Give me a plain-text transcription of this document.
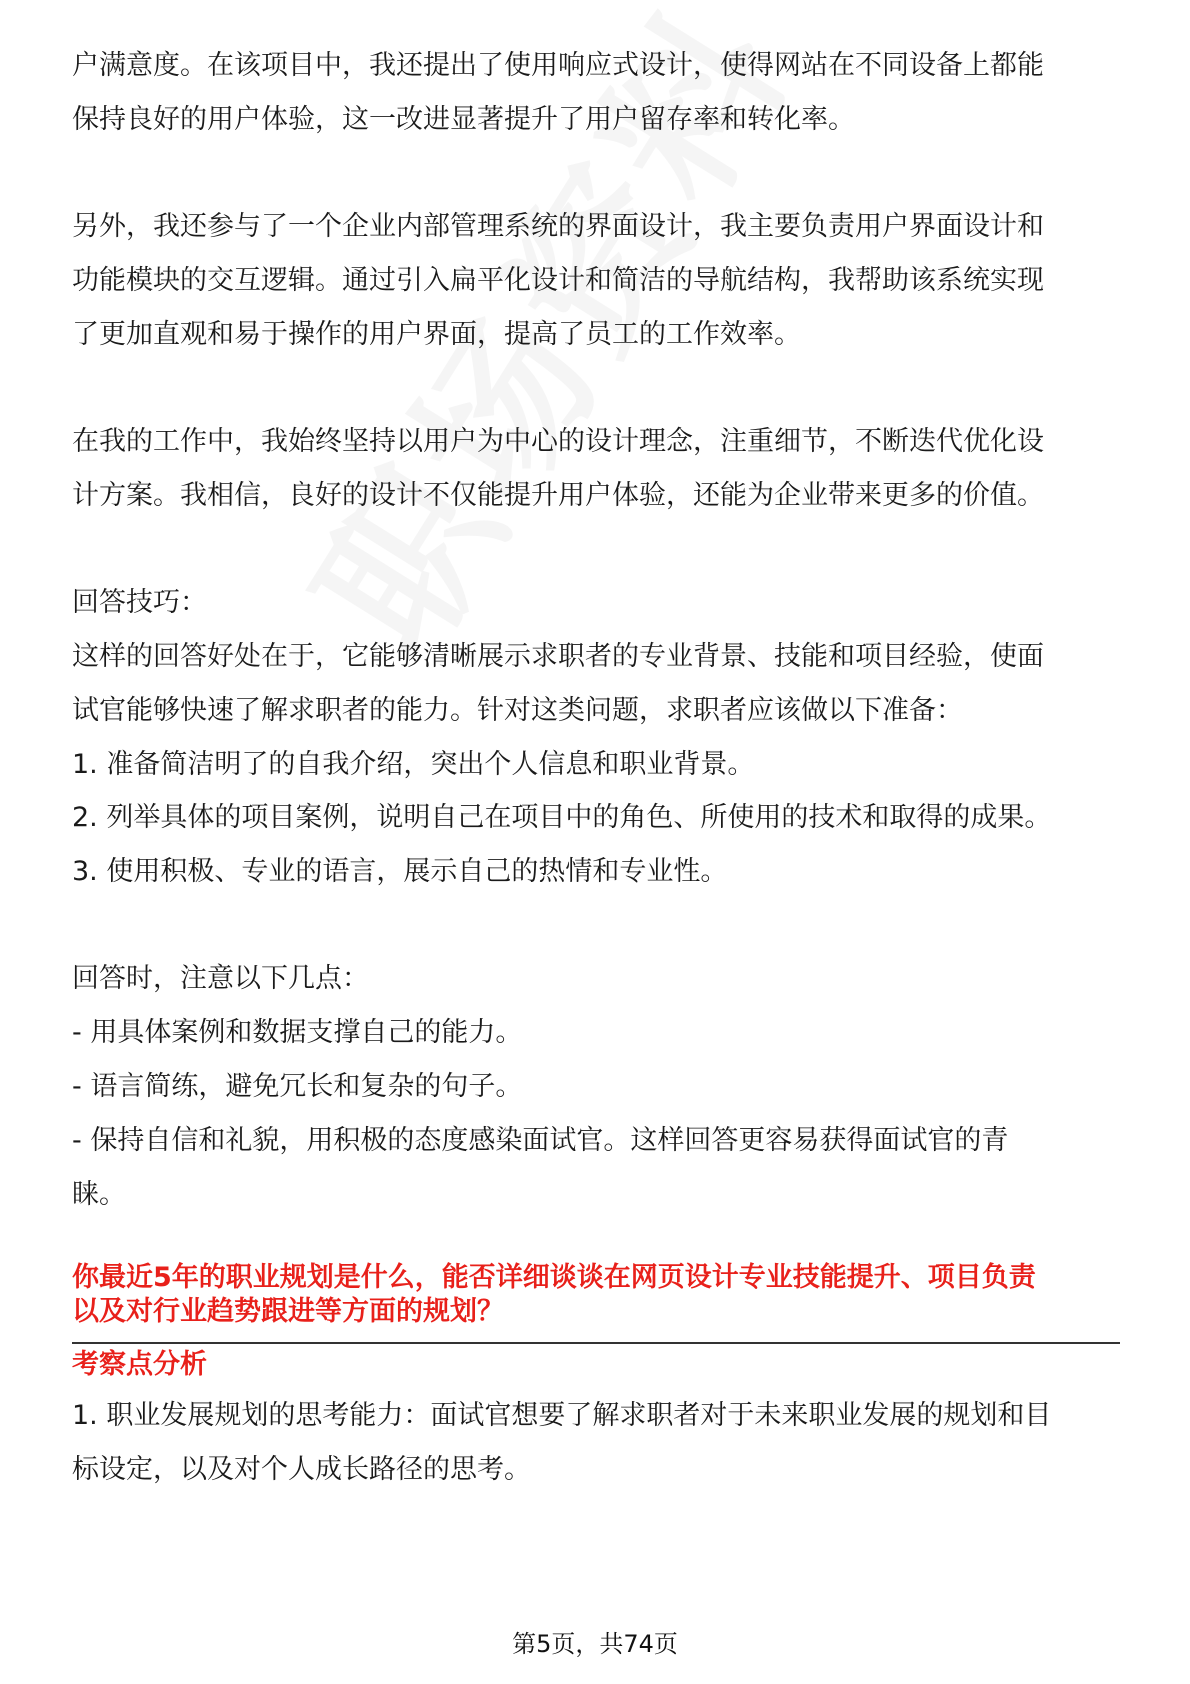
户满意度。在该项目中，我还提出了使用响应式设计，使得网站在不同设备上都能
保持良好的用户体验，这一改进显著提升了用户留存率和转化率。
另外，我还参与了一个企业内部管理系统的界面设计，我主要负责用户界面设计和
功能模块的交互逻辑。通过引入扁平化设计和简洁的导航结构，我帮助该系统实现
了更加直观和易于操作的用户界面，提高了员工的工作效率。
在我的工作中，我始终坚持以用户为中心的设计理念，注重细节，不断迭代优化设
计方案。我相信，良好的设计不仅能提升用户体验，还能为企业带来更多的价值。
回答技巧：
这样的回答好处在于，它能够清晰展示求职者的专业背景、技能和项目经验，使面
试官能够快速了解求职者的能力。针对这类问题，求职者应该做以下准备：
1. 准备简洁明了的自我介绍，突出个人信息和职业背景。
2. 列举具体的项目案例，说明自己在项目中的角色、所使用的技术和取得的成果。
3. 使用积极、专业的语言，展示自己的热情和专业性。
回答时，注意以下几点：
- 用具体案例和数据支撑自己的能力。
- 语言简练，避免冗长和复杂的句子。
- 保持自信和礼貌，用积极的态度感染面试官。这样回答更容易获得面试官的青
睐。
你最近5年的职业规划是什么，能否详细谈谈在网页设计专业技能提升、项目负责
以及对行业趋势跟进等方面的规划？
考察点分析
1. 职业发展规划的思考能力：面试官想要了解求职者对于未来职业发展的规划和目
标设定，以及对个人成长路径的思考。
第5页，共74页
